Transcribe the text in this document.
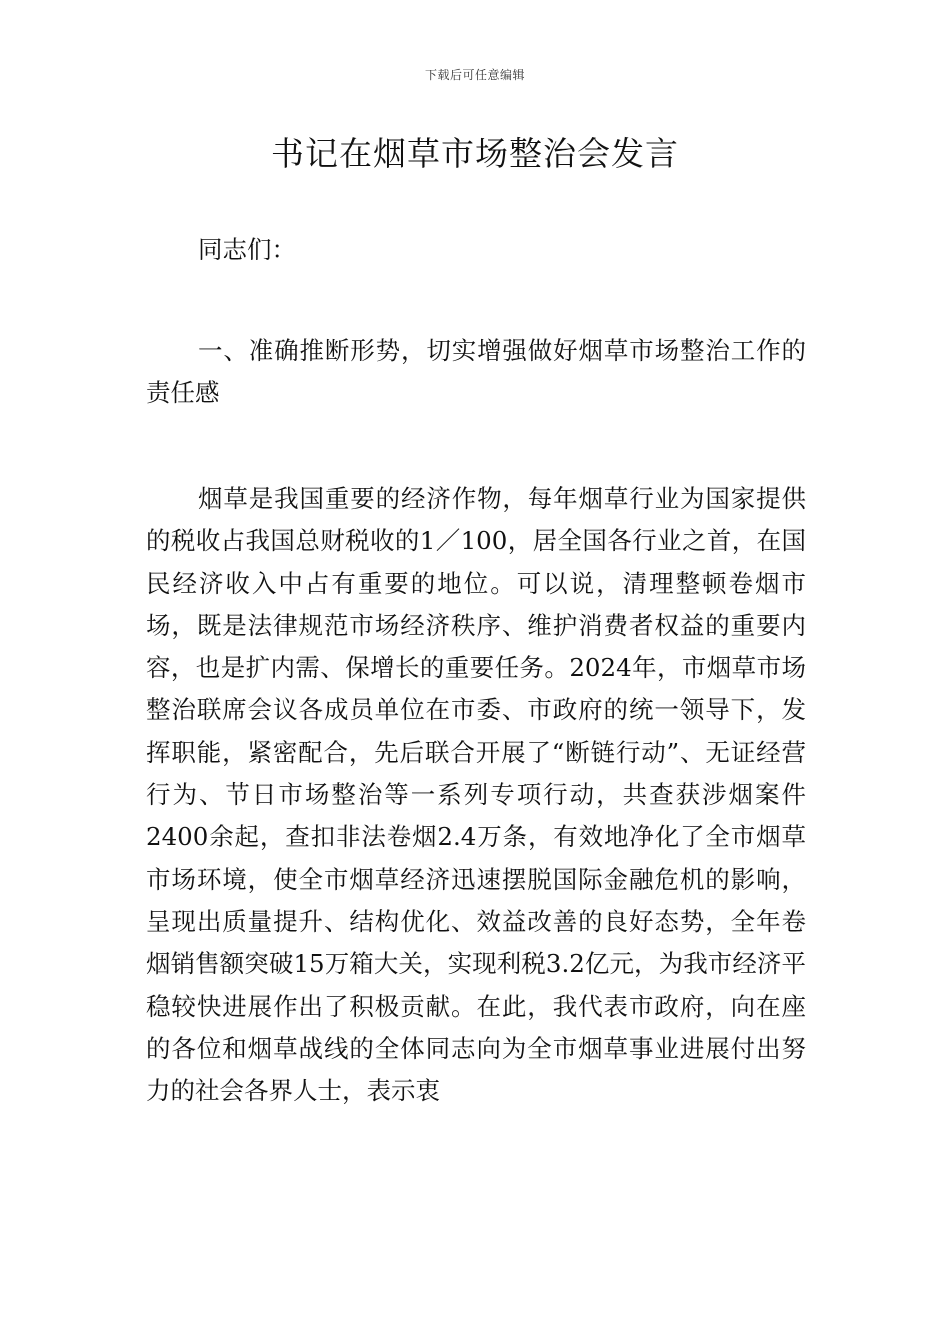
下载后可任意编辑
书记在烟草市场整治会发言

同志们：

一、准确推断形势，切实增强做好烟草市场整治工作的责任感

烟草是我国重要的经济作物，每年烟草行业为国家提供的税收占我国总财税收的1／100，居全国各行业之首，在国民经济收入中占有重要的地位。可以说，清理整顿卷烟市场，既是法律规范市场经济秩序、维护消费者权益的重要内容，也是扩内需、保增长的重要任务。2024年，市烟草市场整治联席会议各成员单位在市委、市政府的统一领导下，发挥职能，紧密配合，先后联合开展了“断链行动”、无证经营行为、节日市场整治等一系列专项行动，共查获涉烟案件2400余起，查扣非法卷烟2.4万条，有效地净化了全市烟草市场环境，使全市烟草经济迅速摆脱国际金融危机的影响，呈现出质量提升、结构优化、效益改善的良好态势，全年卷烟销售额突破15万箱大关，实现利税3.2亿元，为我市经济平稳较快进展作出了积极贡献。在此，我代表市政府，向在座的各位和烟草战线的全体同志向为全市烟草事业进展付出努力的社会各界人士，表示衷
